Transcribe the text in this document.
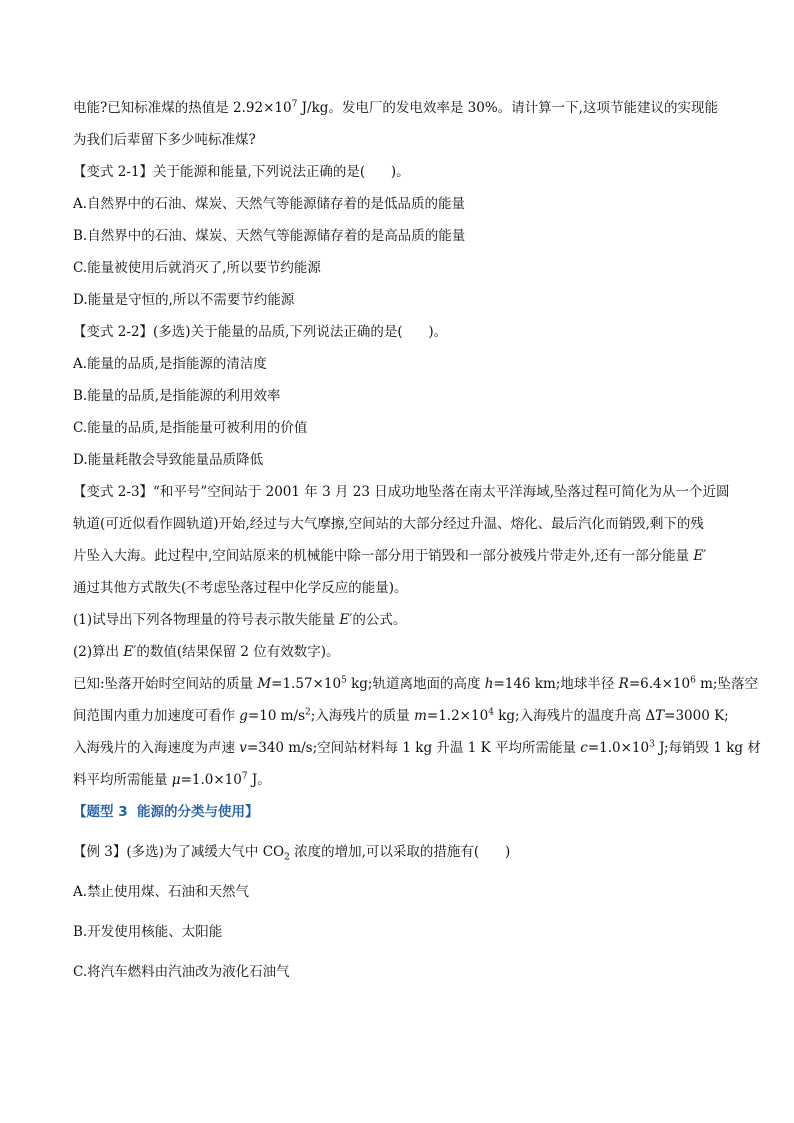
电能?已知标准煤的热值是 $2.92\times 10^7$ J/kg。发电厂的发电效率是 30%。请计算一下,这项节能建议的实现能

为我们后辈留下多少吨标准煤?

【变式 2-1】关于能源和能量,下列说法正确的是(      )。

A.自然界中的石油、煤炭、天然气等能源储存着的是低品质的能量

B.自然界中的石油、煤炭、天然气等能源储存着的是高品质的能量

C.能量被使用后就消灭了,所以要节约能源

D.能量是守恒的,所以不需要节约能源

【变式 2-2】(多选)关于能量的品质,下列说法正确的是(      )。

A.能量的品质,是指能源的清洁度

B.能量的品质,是指能源的利用效率

C.能量的品质,是指能量可被利用的价值

D.能量耗散会导致能量品质降低

【变式 2-3】“和平号”空间站于 2001 年 3 月 23 日成功地坠落在南太平洋海域,坠落过程可简化为从一个近圆

轨道(可近似看作圆轨道)开始,经过与大气摩擦,空间站的大部分经过升温、熔化、最后汽化而销毁,剩下的残

片坠入大海。此过程中,空间站原来的机械能中除一部分用于销毁和一部分被残片带走外,还有一部分能量 E′

通过其他方式散失(不考虑坠落过程中化学反应的能量)。

(1)试导出下列各物理量的符号表示散失能量 E′的公式。

(2)算出 E′的数值(结果保留 2 位有效数字)。

已知:坠落开始时空间站的质量 $M=1.57\times 10^5$ kg;轨道离地面的高度 h=146 km;地球半径 $R=6.4\times 10^6$ m;坠落空

间范围内重力加速度可看作 g=10 $m/s^2$;入海残片的质量 $m=1.2\times 10^4$ kg;入海残片的温度升高 ΔT=3000 K;

入海残片的入海速度为声速 v=340 m/s;空间站材料每 1 kg 升温 1 K 平均所需能量 $c=1.0\times 10^3$ J;每销毁 1 kg 材

料平均所需能量 $\mu=1.0\times 10^7$ J。

【题型 3  能源的分类与使用】

【例 3】(多选)为了减缓大气中 $CO_2$ 浓度的增加,可以采取的措施有(      )

A.禁止使用煤、石油和天然气

B.开发使用核能、太阳能

C.将汽车燃料由汽油改为液化石油气
